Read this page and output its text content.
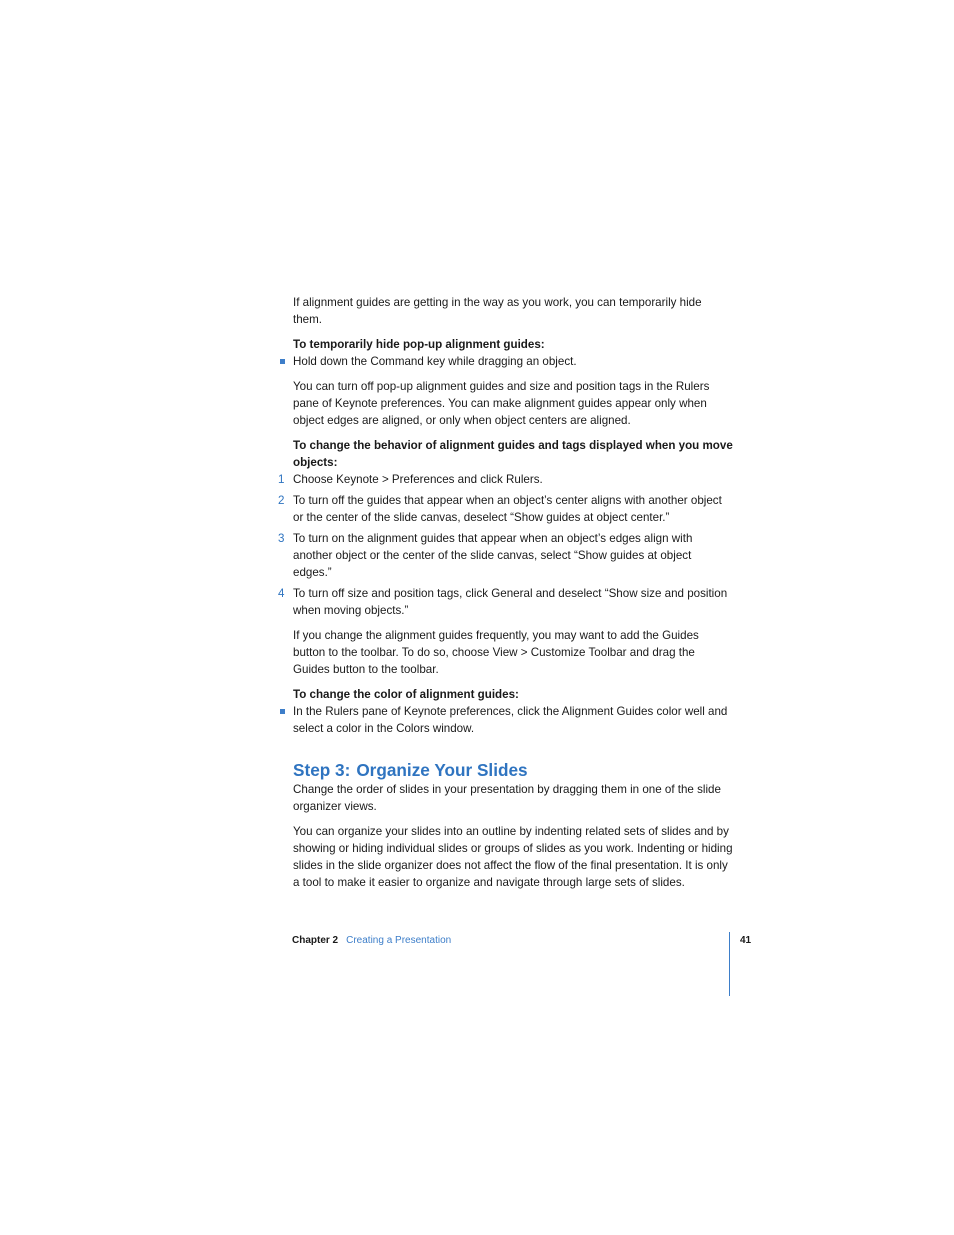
If alignment guides are getting in the way as you work, you can temporarily hide them.

To temporarily hide pop-up alignment guides:

Hold down the Command key while dragging an object.

You can turn off pop-up alignment guides and size and position tags in the Rulers pane of Keynote preferences. You can make alignment guides appear only when object edges are aligned, or only when object centers are aligned.

To change the behavior of alignment guides and tags displayed when you move objects:

1 Choose Keynote > Preferences and click Rulers.
2 To turn off the guides that appear when an object’s center aligns with another object or the center of the slide canvas, deselect “Show guides at object center.”
3 To turn on the alignment guides that appear when an object’s edges align with another object or the center of the slide canvas, select “Show guides at object edges.”
4 To turn off size and position tags, click General and deselect “Show size and position when moving objects.”

If you change the alignment guides frequently, you may want to add the Guides button to the toolbar. To do so, choose View > Customize Toolbar and drag the Guides button to the toolbar.

To change the color of alignment guides:

In the Rulers pane of Keynote preferences, click the Alignment Guides color well and select a color in the Colors window.
Step 3: Organize Your Slides

Change the order of slides in your presentation by dragging them in one of the slide organizer views.

You can organize your slides into an outline by indenting related sets of slides and by showing or hiding individual slides or groups of slides as you work. Indenting or hiding slides in the slide organizer does not affect the flow of the final presentation. It is only a tool to make it easier to organize and navigate through large sets of slides.

Chapter 2 Creating a Presentation	41
